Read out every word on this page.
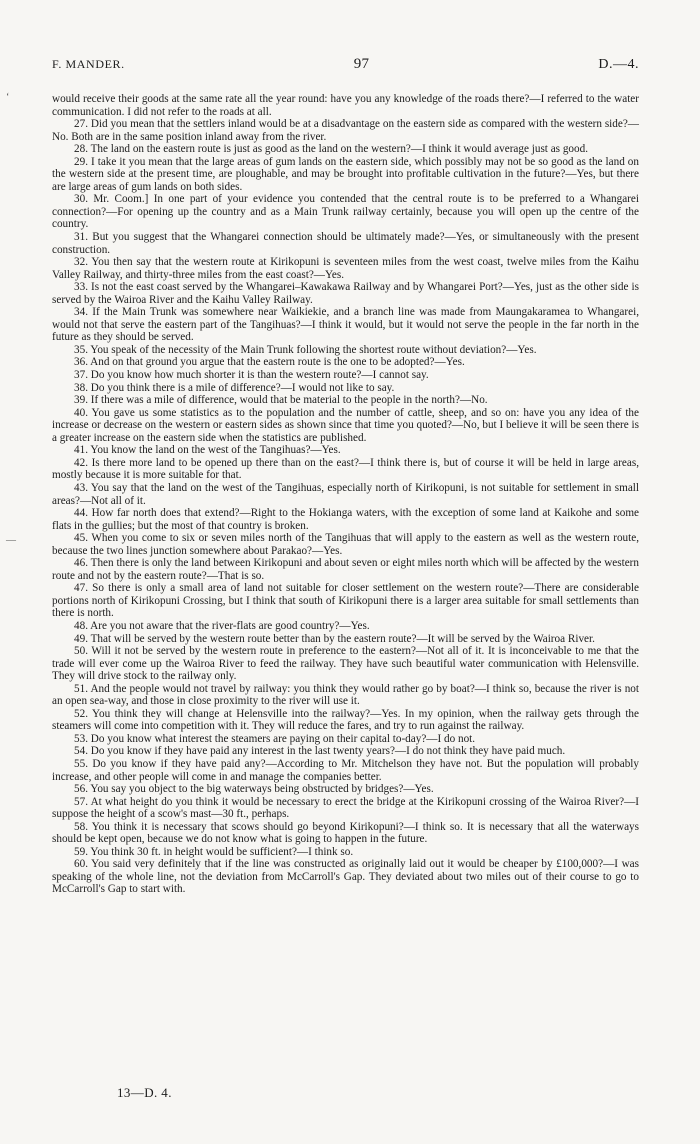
‘
—
F. MANDER.	97	D.—4.

would receive their goods at the same rate all the year round: have you any knowledge of the roads there?—I referred to the water communication. I did not refer to the roads at all.

27. Did you mean that the settlers inland would be at a disadvantage on the eastern side as compared with the western side?—No. Both are in the same position inland away from the river.

28. The land on the eastern route is just as good as the land on the western?—I think it would average just as good.

29. I take it you mean that the large areas of gum lands on the eastern side, which possibly may not be so good as the land on the western side at the present time, are ploughable, and may be brought into profitable cultivation in the future?—Yes, but there are large areas of gum lands on both sides.

30. Mr. Coom.] In one part of your evidence you contended that the central route is to be preferred to a Whangarei connection?—For opening up the country and as a Main Trunk railway certainly, because you will open up the centre of the country.

31. But you suggest that the Whangarei connection should be ultimately made?—Yes, or simultaneously with the present construction.

32. You then say that the western route at Kirikopuni is seventeen miles from the west coast, twelve miles from the Kaihu Valley Railway, and thirty-three miles from the east coast?—Yes.

33. Is not the east coast served by the Whangarei–Kawakawa Railway and by Whangarei Port?—Yes, just as the other side is served by the Wairoa River and the Kaihu Valley Railway.

34. If the Main Trunk was somewhere near Waikiekie, and a branch line was made from Maungakaramea to Whangarei, would not that serve the eastern part of the Tangihuas?—I think it would, but it would not serve the people in the far north in the future as they should be served.

35. You speak of the necessity of the Main Trunk following the shortest route without deviation?—Yes.

36. And on that ground you argue that the eastern route is the one to be adopted?—Yes.

37. Do you know how much shorter it is than the western route?—I cannot say.

38. Do you think there is a mile of difference?—I would not like to say.

39. If there was a mile of difference, would that be material to the people in the north?—No.

40. You gave us some statistics as to the population and the number of cattle, sheep, and so on: have you any idea of the increase or decrease on the western or eastern sides as shown since that time you quoted?—No, but I believe it will be seen there is a greater increase on the eastern side when the statistics are published.

41. You know the land on the west of the Tangihuas?—Yes.

42. Is there more land to be opened up there than on the east?—I think there is, but of course it will be held in large areas, mostly because it is more suitable for that.

43. You say that the land on the west of the Tangihuas, especially north of Kirikopuni, is not suitable for settlement in small areas?—Not all of it.

44. How far north does that extend?—Right to the Hokianga waters, with the exception of some land at Kaikohe and some flats in the gullies; but the most of that country is broken.

45. When you come to six or seven miles north of the Tangihuas that will apply to the eastern as well as the western route, because the two lines junction somewhere about Parakao?—Yes.

46. Then there is only the land between Kirikopuni and about seven or eight miles north which will be affected by the western route and not by the eastern route?—That is so.

47. So there is only a small area of land not suitable for closer settlement on the western route?—There are considerable portions north of Kirikopuni Crossing, but I think that south of Kirikopuni there is a larger area suitable for small settlements than there is north.

48. Are you not aware that the river-flats are good country?—Yes.

49. That will be served by the western route better than by the eastern route?—It will be served by the Wairoa River.

50. Will it not be served by the western route in preference to the eastern?—Not all of it. It is inconceivable to me that the trade will ever come up the Wairoa River to feed the railway. They have such beautiful water communication with Helensville. They will drive stock to the railway only.

51. And the people would not travel by railway: you think they would rather go by boat?—I think so, because the river is not an open sea-way, and those in close proximity to the river will use it.

52. You think they will change at Helensville into the railway?—Yes. In my opinion, when the railway gets through the steamers will come into competition with it. They will reduce the fares, and try to run against the railway.

53. Do you know what interest the steamers are paying on their capital to-day?—I do not.

54. Do you know if they have paid any interest in the last twenty years?—I do not think they have paid much.

55. Do you know if they have paid any?—According to Mr. Mitchelson they have not. But the population will probably increase, and other people will come in and manage the companies better.

56. You say you object to the big waterways being obstructed by bridges?—Yes.

57. At what height do you think it would be necessary to erect the bridge at the Kirikopuni crossing of the Wairoa River?—I suppose the height of a scow's mast—30 ft., perhaps.

58. You think it is necessary that scows should go beyond Kirikopuni?—I think so. It is necessary that all the waterways should be kept open, because we do not know what is going to happen in the future.

59. You think 30 ft. in height would be sufficient?—I think so.

60. You said very definitely that if the line was constructed as originally laid out it would be cheaper by £100,000?—I was speaking of the whole line, not the deviation from McCarroll's Gap. They deviated about two miles out of their course to go to McCarroll's Gap to start with.

13—D. 4.
